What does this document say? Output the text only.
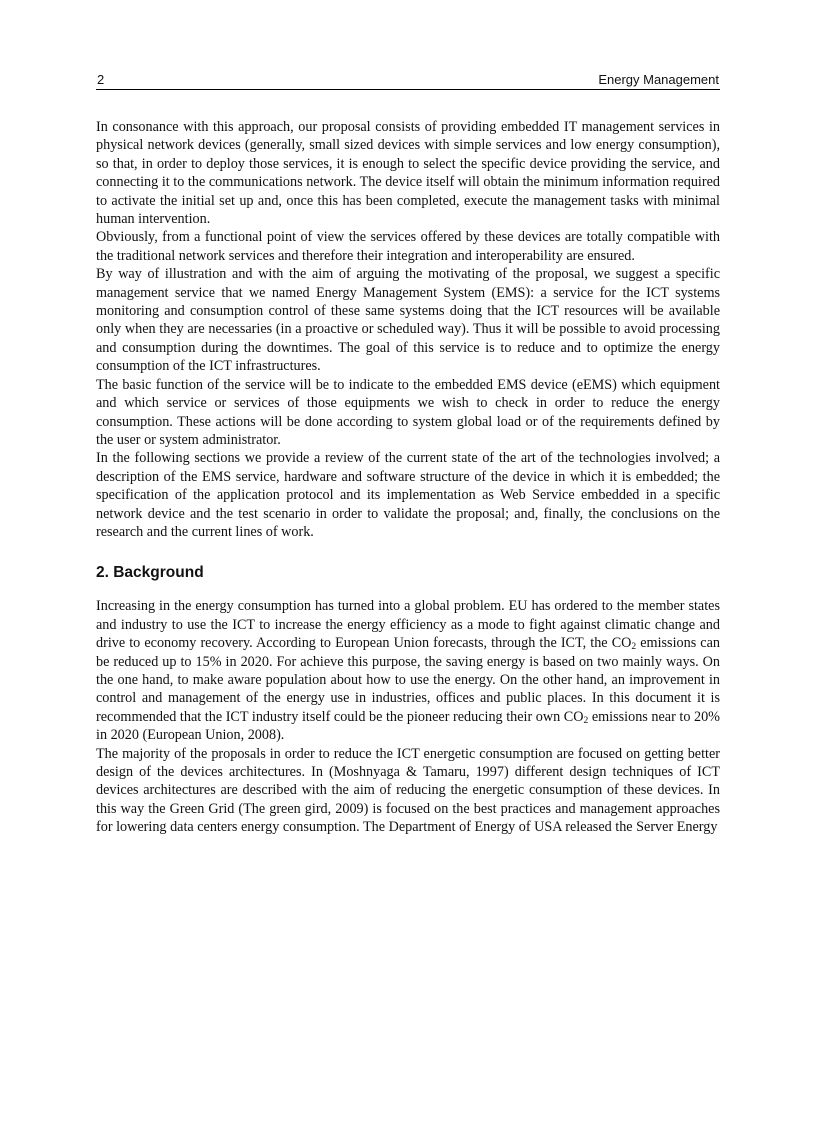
2	Energy Management

In consonance with this approach, our proposal consists of providing embedded IT management services in physical network devices (generally, small sized devices with simple services and low energy consumption), so that, in order to deploy those services, it is enough to select the specific device providing the service, and connecting it to the communications network. The device itself will obtain the minimum information required to activate the initial set up and, once this has been completed, execute the management tasks with minimal human intervention.

Obviously, from a functional point of view the services offered by these devices are totally compatible with the traditional network services and therefore their integration and interoperability are ensured.

By way of illustration and with the aim of arguing the motivating of the proposal, we suggest a specific management service that we named Energy Management System (EMS): a service for the ICT systems monitoring and consumption control of these same systems doing that the ICT resources will be available only when they are necessaries (in a proactive or scheduled way). Thus it will be possible to avoid processing and consumption during the downtimes. The goal of this service is to reduce and to optimize the energy consumption of the ICT infrastructures.

The basic function of the service will be to indicate to the embedded EMS device (eEMS) which equipment and which service or services of those equipments we wish to check in order to reduce the energy consumption. These actions will be done according to system global load or of the requirements defined by the user or system administrator.

In the following sections we provide a review of the current state of the art of the technologies involved; a description of the EMS service, hardware and software structure of the device in which it is embedded; the specification of the application protocol and its implementation as Web Service embedded in a specific network device and the test scenario in order to validate the proposal; and, finally, the conclusions on the research and the current lines of work.

2. Background

Increasing in the energy consumption has turned into a global problem. EU has ordered to the member states and industry to use the ICT to increase the energy efficiency as a mode to fight against climatic change and drive to economy recovery. According to European Union forecasts, through the ICT, the $CO_2$ emissions can be reduced up to 15% in 2020. For achieve this purpose, the saving energy is based on two mainly ways. On the one hand, to make aware population about how to use the energy. On the other hand, an improvement in control and management of the energy use in industries, offices and public places. In this document it is recommended that the ICT industry itself could be the pioneer reducing their own $CO_2$ emissions near to 20% in 2020 (European Union, 2008).

The majority of the proposals in order to reduce the ICT energetic consumption are focused on getting better design of the devices architectures. In (Moshnyaga & Tamaru, 1997) different design techniques of ICT devices architectures are described with the aim of reducing the energetic consumption of these devices. In this way the Green Grid (The green gird, 2009) is focused on the best practices and management approaches for lowering data centers energy consumption. The Department of Energy of USA released the Server Energy
